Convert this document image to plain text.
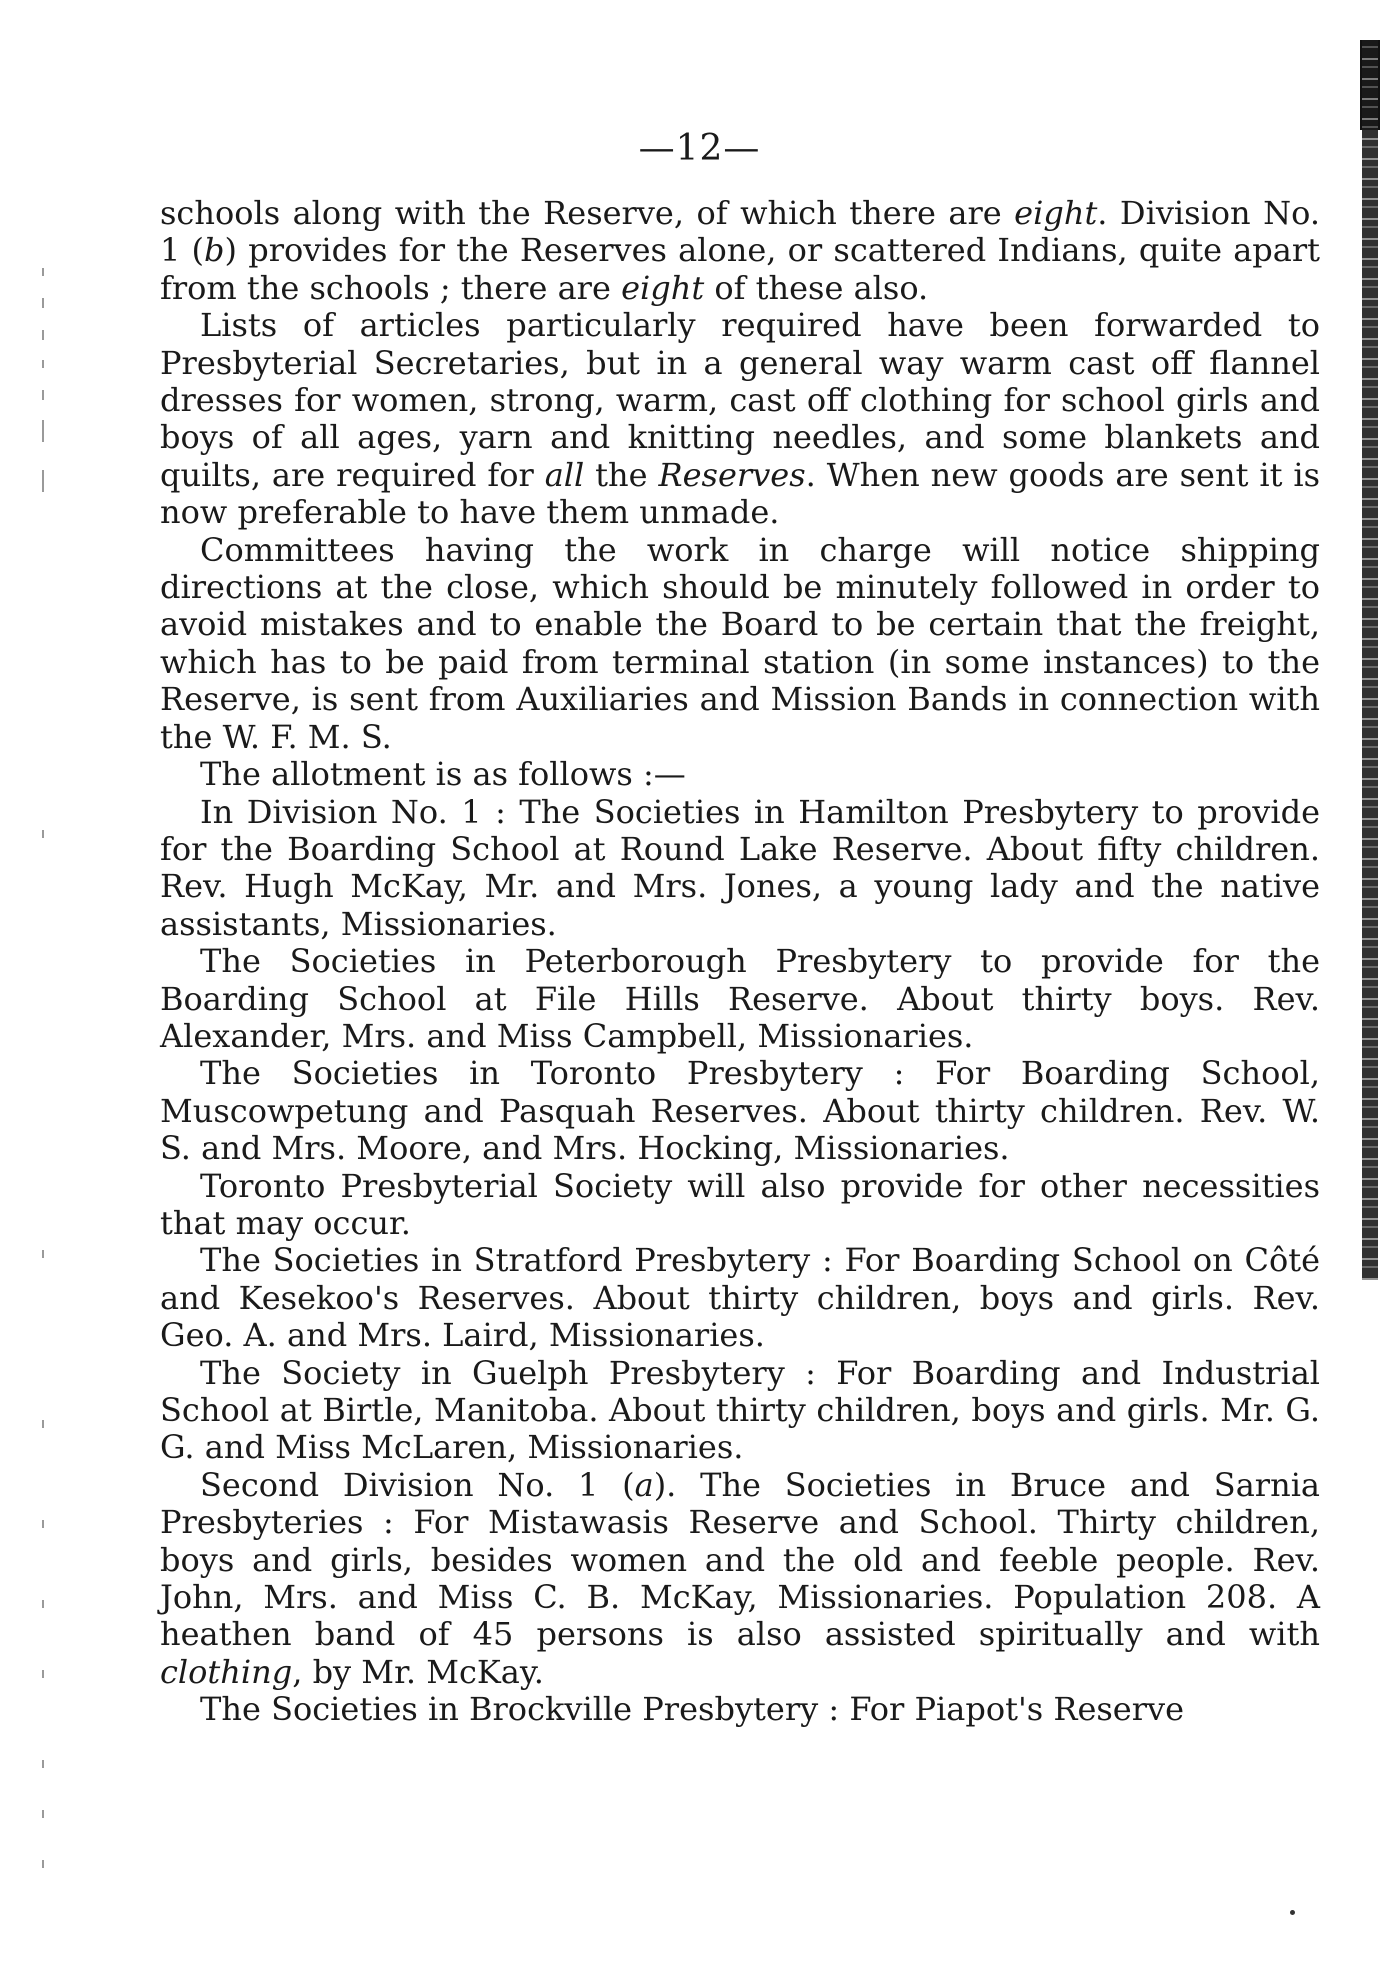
—12—

schools along with the Reserve, of which there are eight. Division No. 1 (b) provides for the Reserves alone, or scattered Indians, quite apart from the schools ; there are eight of these also.

Lists of articles particularly required have been forwarded to Presbyterial Secretaries, but in a general way warm cast off flannel dresses for women, strong, warm, cast off clothing for school girls and boys of all ages, yarn and knitting needles, and some blankets and quilts, are required for all the Reserves. When new goods are sent it is now preferable to have them unmade.

Committees having the work in charge will notice shipping directions at the close, which should be minutely followed in order to avoid mistakes and to enable the Board to be certain that the freight, which has to be paid from terminal station (in some instances) to the Reserve, is sent from Auxiliaries and Mission Bands in connection with the W. F. M. S.

The allotment is as follows :—

In Division No. 1 : The Societies in Hamilton Presbytery to provide for the Boarding School at Round Lake Reserve. About fifty children. Rev. Hugh McKay, Mr. and Mrs. Jones, a young lady and the native assistants, Missionaries.

The Societies in Peterborough Presbytery to provide for the Boarding School at File Hills Reserve. About thirty boys. Rev. Alexander, Mrs. and Miss Campbell, Missionaries.

The Societies in Toronto Presbytery : For Boarding School, Muscowpetung and Pasquah Reserves. About thirty children. Rev. W. S. and Mrs. Moore, and Mrs. Hocking, Missionaries.

Toronto Presbyterial Society will also provide for other necessities that may occur.

The Societies in Stratford Presbytery : For Boarding School on Côté and Kesekoo's Reserves. About thirty children, boys and girls. Rev. Geo. A. and Mrs. Laird, Missionaries.

The Society in Guelph Presbytery : For Boarding and Industrial School at Birtle, Manitoba. About thirty children, boys and girls. Mr. G. G. and Miss McLaren, Missionaries.

Second Division No. 1 (a). The Societies in Bruce and Sarnia Presbyteries : For Mistawasis Reserve and School. Thirty children, boys and girls, besides women and the old and feeble people. Rev. John, Mrs. and Miss C. B. McKay, Missionaries. Population 208. A heathen band of 45 persons is also assisted spiritually and with clothing, by Mr. McKay.

The Societies in Brockville Presbytery : For Piapot's Reserve
